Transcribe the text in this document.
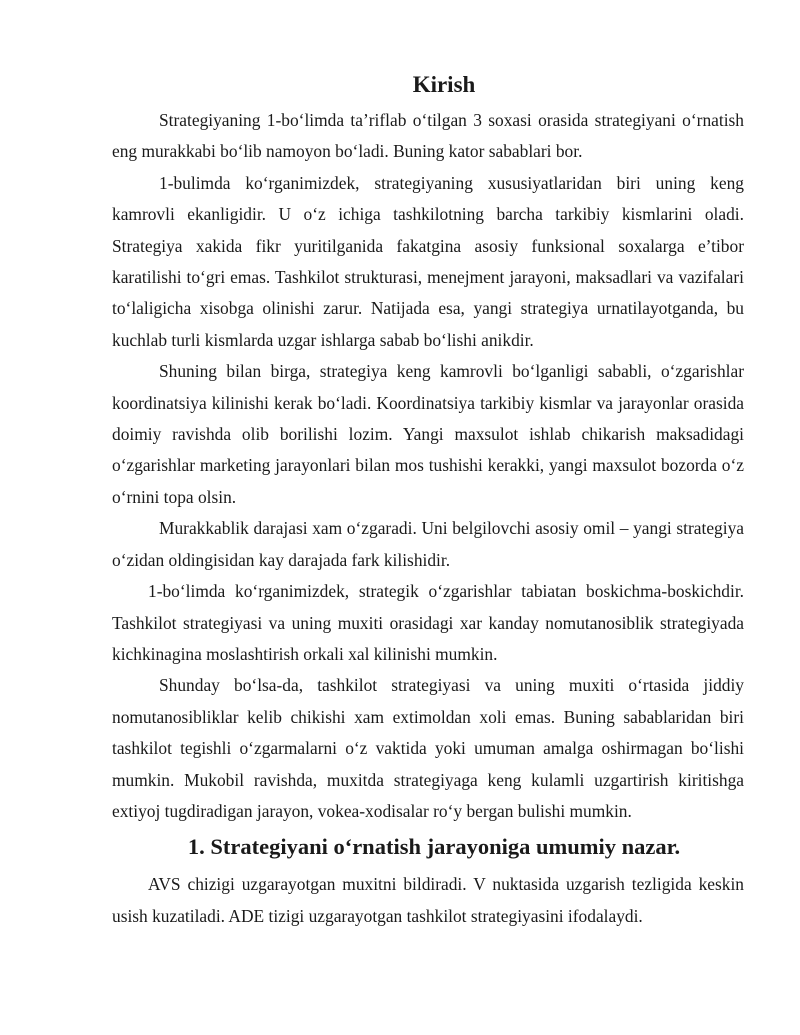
Kirish

Strategiyaning 1-bo‘limda ta’riflab o‘tilgan 3 soxasi orasida strategiyani o‘rnatish eng murakkabi bo‘lib namoyon bo‘ladi. Buning kator sabablari bor.

1-bulimda ko‘rganimizdek, strategiyaning xususiyatlaridan biri uning keng kamrovli ekanligidir. U o‘z ichiga tashkilotning barcha tarkibiy kismlarini oladi. Strategiya xakida fikr yuritilganida fakatgina asosiy funksional soxalarga e’tibor karatilishi to‘gri emas. Tashkilot strukturasi, menejment jarayoni, maksadlari va vazifalari to‘laligicha xisobga olinishi zarur. Natijada esa, yangi strategiya urnatilayotganda, bu kuchlab turli kismlarda uzgar ishlarga sabab bo‘lishi anikdir.

Shuning bilan birga, strategiya keng kamrovli bo‘lganligi sababli, o‘zgarishlar koordinatsiya kilinishi kerak bo‘ladi. Koordinatsiya tarkibiy kismlar va jarayonlar orasida doimiy ravishda olib borilishi lozim. Yangi maxsulot ishlab chikarish maksadidagi o‘zgarishlar marketing jarayonlari bilan mos tushishi kerakki, yangi maxsulot bozorda o‘z o‘rnini topa olsin.

Murakkablik darajasi xam o‘zgaradi. Uni belgilovchi asosiy omil – yangi strategiya o‘zidan oldingisidan kay darajada fark kilishidir.

1-bo‘limda ko‘rganimizdek, strategik o‘zgarishlar tabiatan boskichma-boskichdir. Tashkilot strategiyasi va uning muxiti orasidagi xar kanday nomutanosiblik strategiyada kichkinagina moslashtirish orkali xal kilinishi mumkin.

Shunday bo‘lsa-da, tashkilot strategiyasi va uning muxiti o‘rtasida jiddiy nomutanosibliklar kelib chikishi xam extimoldan xoli emas. Buning sabablaridan biri tashkilot tegishli o‘zgarmalarni o‘z vaktida yoki umuman amalga oshirmagan bo‘lishi mumkin. Mukobil ravishda, muxitda strategiyaga keng kulamli uzgartirish kiritishga extiyoj tugdiradigan jarayon, vokea-xodisalar ro‘y bergan bulishi mumkin.

1. Strategiyani o‘rnatish jarayoniga umumiy nazar.

AVS chizigi uzgarayotgan muxitni bildiradi. V nuktasida uzgarish tezligida keskin usish kuzatiladi. ADE tizigi uzgarayotgan tashkilot strategiyasini ifodalaydi.
